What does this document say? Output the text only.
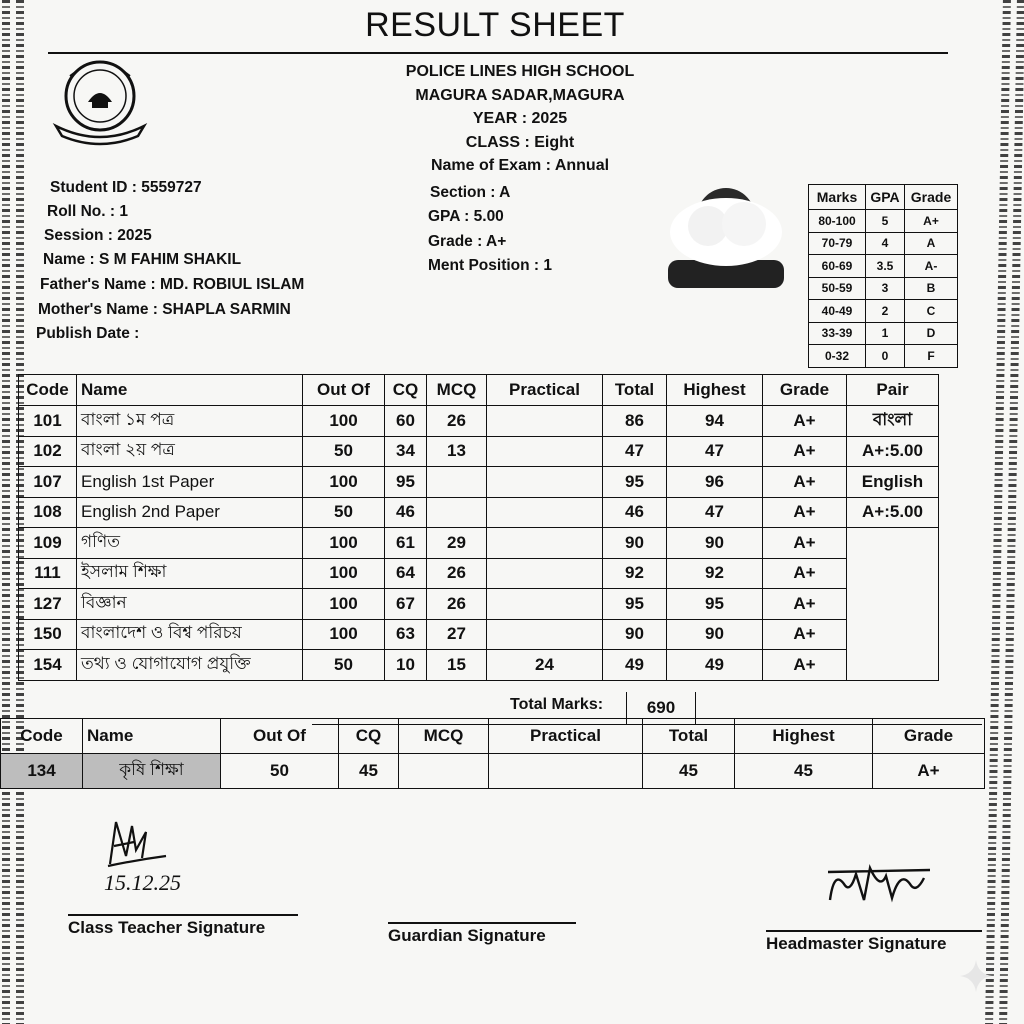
RESULT SHEET
POLICE LINES HIGH SCHOOL
MAGURA SADAR,MAGURA
YEAR : 2025
CLASS : Eight
Name of Exam : Annual
Student ID : 5559727
Roll No. : 1
Session : 2025
Name : S M FAHIM SHAKIL
Father's Name : MD. ROBIUL ISLAM
Mother's Name : SHAPLA SARMIN
Publish Date :
Section : A
GPA : 5.00
Grade : A+
Ment Position : 1
Marks	GPA	Grade
80-100	5	A+
70-79	4	A
60-69	3.5	A-
50-59	3	B
40-49	2	C
33-39	1	D
0-32	0	F
Code	Name	Out Of	CQ	MCQ	Practical	Total	Highest	Grade	Pair
101	বাংলা ১ম পত্র	100	60	26		86	94	A+	বাংলা
102	বাংলা ২য় পত্র	50	34	13		47	47	A+	A+:5.00
107	English 1st Paper	100	95			95	96	A+	English
108	English 2nd Paper	50	46			46	47	A+	A+:5.00
109	গণিত	100	61	29		90	90	A+	
111	ইসলাম শিক্ষা	100	64	26		92	92	A+	
127	বিজ্ঞান	100	67	26		95	95	A+	
150	বাংলাদেশ ও বিশ্ব পরিচয়	100	63	27		90	90	A+	
154	তথ্য ও যোগাযোগ প্রযুক্তি	50	10	15	24	49	49	A+	
Total Marks:	690
Code	Name	Out Of	CQ	MCQ	Practical	Total	Highest	Grade
134	কৃষি শিক্ষা	50	45			45	45	A+
15.12.25
Class Teacher Signature	Guardian Signature	Headmaster Signature
